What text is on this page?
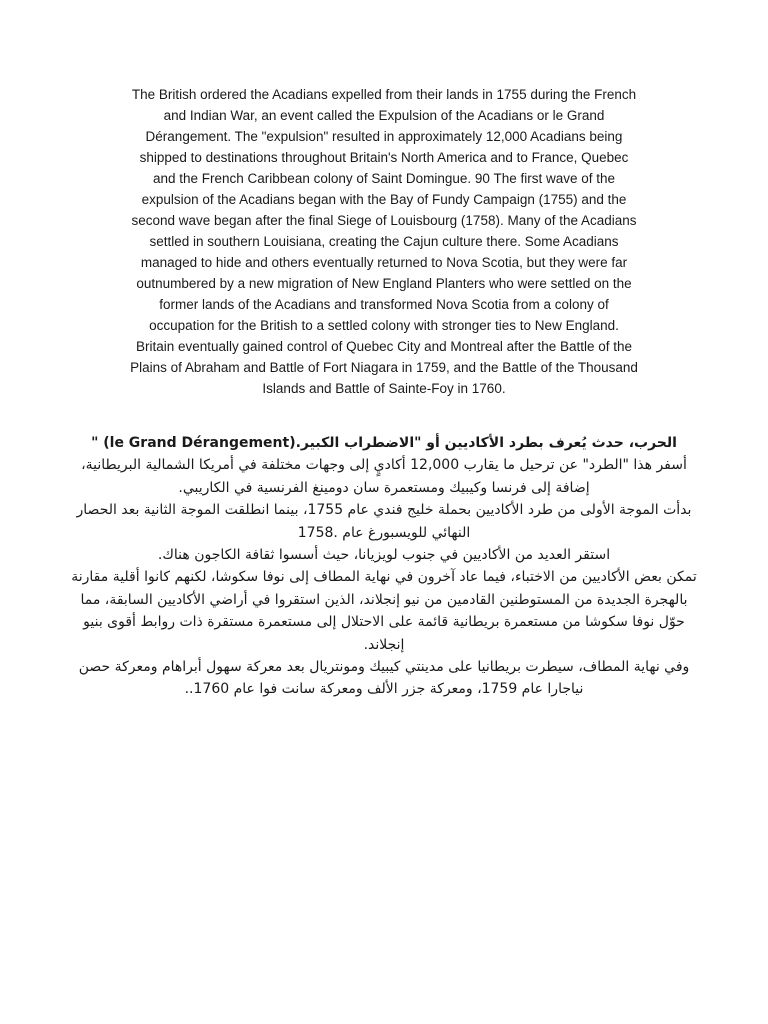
The British ordered the Acadians expelled from their lands in 1755 during the French
and Indian War, an event called the Expulsion of the Acadians or le Grand
Dérangement. The "expulsion" resulted in approximately 12,000 Acadians being
shipped to destinations throughout Britain's North America and to France, Quebec
and the French Caribbean colony of Saint Domingue. 90 The first wave of the
expulsion of the Acadians began with the Bay of Fundy Campaign (1755) and the
second wave began after the final Siege of Louisbourg (1758). Many of the Acadians
settled in southern Louisiana, creating the Cajun culture there. Some Acadians
managed to hide and others eventually returned to Nova Scotia, but they were far
outnumbered by a new migration of New England Planters who were settled on the
former lands of the Acadians and transformed Nova Scotia from a colony of
occupation for the British to a settled colony with stronger ties to New England.
Britain eventually gained control of Quebec City and Montreal after the Battle of the
Plains of Abraham and Battle of Fort Niagara in 1759, and the Battle of the Thousand
Islands and Battle of Sainte-Foy in 1760.
الحرب، حدث يُعرف بطرد الأكاديين أو "الاضطراب الكبير.(le Grand Dérangement) "
أسفر هذا "الطرد" عن ترحيل ما يقارب 12,000 أكاديٍ إلى وجهات مختلفة في أمريكا الشمالية البريطانية،
إضافة إلى فرنسا وكيبيك ومستعمرة سان دومينغ الفرنسية في الكاريبي.
بدأت الموجة الأولى من طرد الأكاديين بحملة خليج فندي عام 1755، بينما انطلقت الموجة الثانية بعد الحصار
النهائي للويسبورغ عام .1758
استقر العديد من الأكاديين في جنوب لويزيانا، حيث أسسوا ثقافة الكاجون هناك.
تمكن بعض الأكاديين من الاختباء، فيما عاد آخرون في نهاية المطاف إلى نوفا سكوشا، لكنهم كانوا أقلية مقارنة
بالهجرة الجديدة من المستوطنين القادمين من نيو إنجلاند، الذين استقروا في أراضي الأكاديين السابقة، مما
حوّل نوفا سكوشا من مستعمرة بريطانية قائمة على الاحتلال إلى مستعمرة مستقرة ذات روابط أقوى بنيو
إنجلاند.
وفي نهاية المطاف، سيطرت بريطانيا على مدينتي كيبيك ومونتريال بعد معركة سهول أبراهام ومعركة حصن
نياجارا عام 1759، ومعركة جزر الألف ومعركة سانت فوا عام 1760..
